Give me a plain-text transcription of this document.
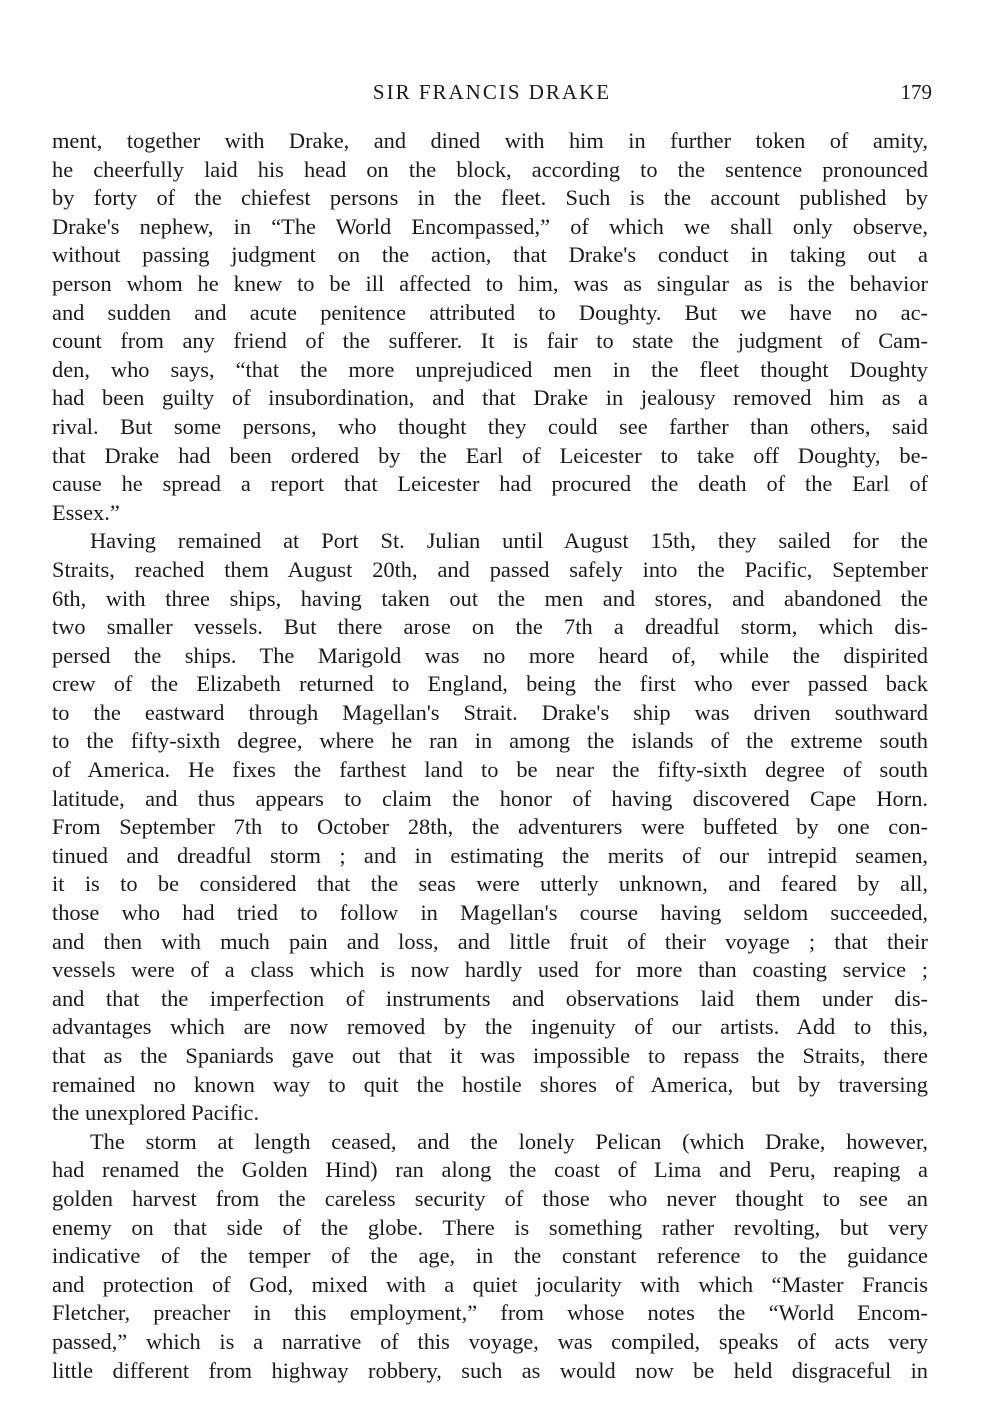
SIR FRANCIS DRAKE	179
ment, together with Drake, and dined with him in further token of amity,
he cheerfully laid his head on the block, according to the sentence pronounced
by forty of the chiefest persons in the fleet. Such is the account published by
Drake's nephew, in “The World Encompassed,” of which we shall only observe,
without passing judgment on the action, that Drake's conduct in taking out a
person whom he knew to be ill affected to him, was as singular as is the behavior
and sudden and acute penitence attributed to Doughty. But we have no ac-
count from any friend of the sufferer. It is fair to state the judgment of Cam-
den, who says, “that the more unprejudiced men in the fleet thought Doughty
had been guilty of insubordination, and that Drake in jealousy removed him as a
rival. But some persons, who thought they could see farther than others, said
that Drake had been ordered by the Earl of Leicester to take off Doughty, be-
cause he spread a report that Leicester had procured the death of the Earl of
Essex.”
Having remained at Port St. Julian until August 15th, they sailed for the
Straits, reached them August 20th, and passed safely into the Pacific, September
6th, with three ships, having taken out the men and stores, and abandoned the
two smaller vessels. But there arose on the 7th a dreadful storm, which dis-
persed the ships. The Marigold was no more heard of, while the dispirited
crew of the Elizabeth returned to England, being the first who ever passed back
to the eastward through Magellan's Strait. Drake's ship was driven southward
to the fifty-sixth degree, where he ran in among the islands of the extreme south
of America. He fixes the farthest land to be near the fifty-sixth degree of south
latitude, and thus appears to claim the honor of having discovered Cape Horn.
From September 7th to October 28th, the adventurers were buffeted by one con-
tinued and dreadful storm ; and in estimating the merits of our intrepid seamen,
it is to be considered that the seas were utterly unknown, and feared by all,
those who had tried to follow in Magellan's course having seldom succeeded,
and then with much pain and loss, and little fruit of their voyage ; that their
vessels were of a class which is now hardly used for more than coasting service ;
and that the imperfection of instruments and observations laid them under dis-
advantages which are now removed by the ingenuity of our artists. Add to this,
that as the Spaniards gave out that it was impossible to repass the Straits, there
remained no known way to quit the hostile shores of America, but by traversing
the unexplored Pacific.
The storm at length ceased, and the lonely Pelican (which Drake, however,
had renamed the Golden Hind) ran along the coast of Lima and Peru, reaping a
golden harvest from the careless security of those who never thought to see an
enemy on that side of the globe. There is something rather revolting, but very
indicative of the temper of the age, in the constant reference to the guidance
and protection of God, mixed with a quiet jocularity with which “Master Francis
Fletcher, preacher in this employment,” from whose notes the “World Encom-
passed,” which is a narrative of this voyage, was compiled, speaks of acts very
little different from highway robbery, such as would now be held disgraceful in
